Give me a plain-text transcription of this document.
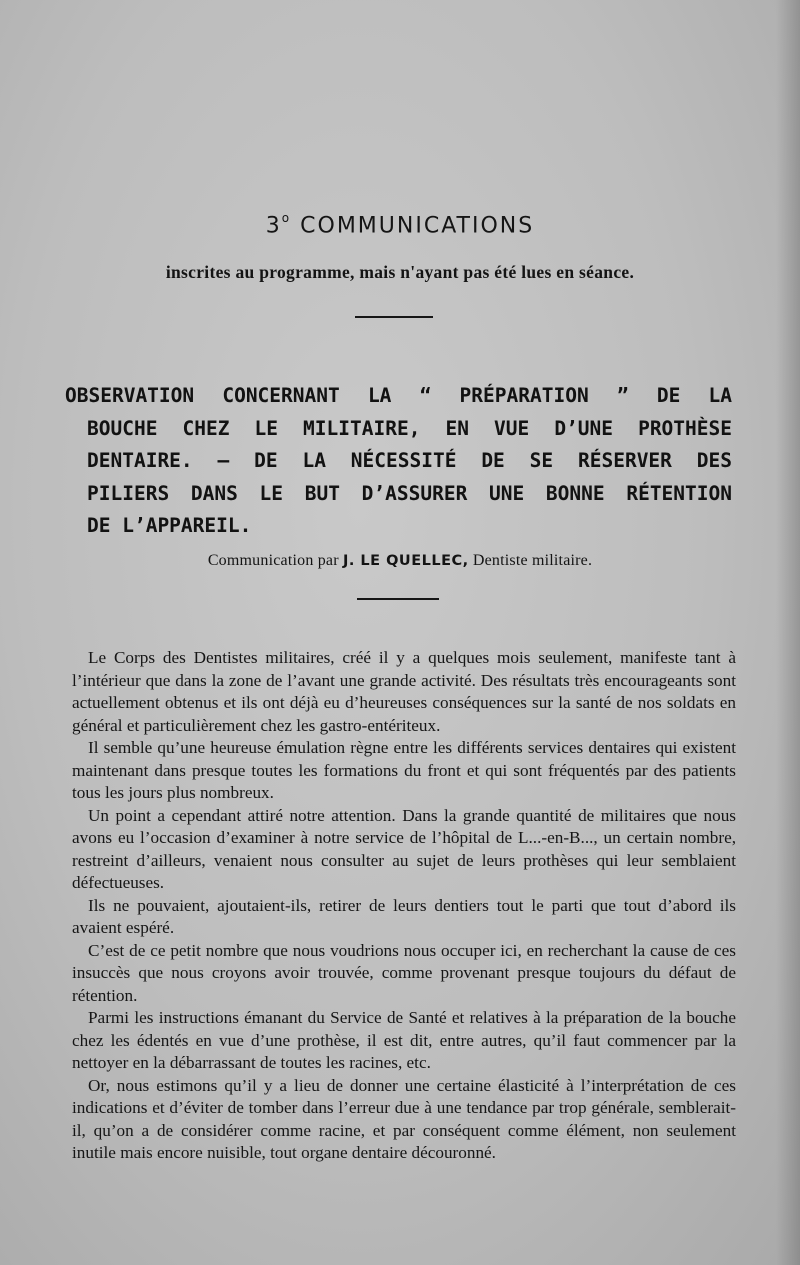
3$^o$ COMMUNICATIONS
inscrites au programme, mais n'ayant pas été lues en séance.
OBSERVATION CONCERNANT LA “ PRÉPARATION ” DE LA
BOUCHE CHEZ LE MILITAIRE, EN VUE D’UNE PROTHÈSE
DENTAIRE. — DE LA NÉCESSITÉ DE SE RÉSERVER DES
PILIERS DANS LE BUT D’ASSURER UNE BONNE RÉTENTION
DE L’APPAREIL.
Communication par J. LE QUELLEC, Dentiste militaire.

Le Corps des Dentistes militaires, créé il y a quelques mois seulement, manifeste tant à l’intérieur que dans la zone de l’avant une grande activité. Des résultats très encourageants sont actuellement obtenus et ils ont déjà eu d’heureuses conséquences sur la santé de nos soldats en général et particulièrement chez les gastro-entériteux.

Il semble qu’une heureuse émulation règne entre les différents services dentaires qui existent maintenant dans presque toutes les formations du front et qui sont fréquentés par des patients tous les jours plus nombreux.

Un point a cependant attiré notre attention. Dans la grande quantité de militaires que nous avons eu l’occasion d’examiner à notre service de l’hôpital de L...-en-B..., un certain nombre, restreint d’ailleurs, venaient nous consulter au sujet de leurs prothèses qui leur semblaient défectueuses.

Ils ne pouvaient, ajoutaient-ils, retirer de leurs dentiers tout le parti que tout d’abord ils avaient espéré.

C’est de ce petit nombre que nous voudrions nous occuper ici, en recherchant la cause de ces insuccès que nous croyons avoir trouvée, comme provenant presque toujours du défaut de rétention.

Parmi les instructions émanant du Service de Santé et relatives à la préparation de la bouche chez les édentés en vue d’une prothèse, il est dit, entre autres, qu’il faut commencer par la nettoyer en la débarrassant de toutes les racines, etc.

Or, nous estimons qu’il y a lieu de donner une certaine élasticité à l’interprétation de ces indications et d’éviter de tomber dans l’erreur due à une tendance par trop générale, semblerait-il, qu’on a de considérer comme racine, et par conséquent comme élément, non seulement inutile mais encore nuisible, tout organe dentaire découronné.
